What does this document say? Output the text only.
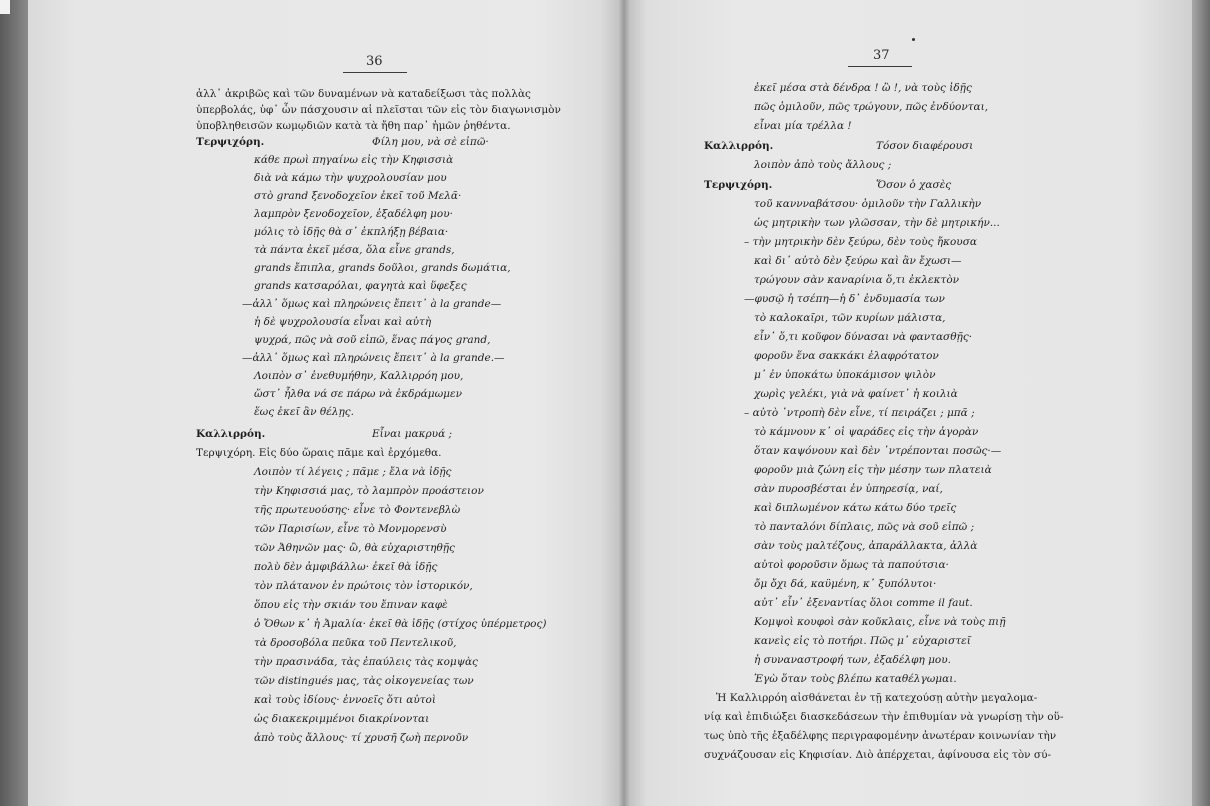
36	37
ἀλλ᾽ ἀκριβῶς καὶ τῶν δυναμένων νὰ καταδείξωσι τὰς πολλὰς
ὑπερβολάς, ὑφ᾽ ὧν πάσχουσιν αἱ πλεῖσται τῶν εἰς τὸν διαγωνισμὸν
ὑποβληθεισῶν κωμῳδιῶν κατὰ τὰ ἤθη παρ᾽ ἡμῶν ῥηθέντα.
Τερψιχόρη.	Φίλη μου, νὰ σὲ εἰπῶ·
κάθε πρωὶ πηγαίνω εἰς τὴν Κηφισσιὰ
διὰ νὰ κάμω τὴν ψυχρολουσίαν μου
στὸ grand ξενοδοχεῖον ἐκεῖ τοῦ Μελᾶ·
λαμπρὸν ξενοδοχεῖον, ἐξαδέλφη μου·
μόλις τὸ ἰδῇς θὰ σ᾽ ἐκπλήξῃ βέβαια·
τὰ πάντα ἐκεῖ μέσα, ὅλα εἶνε grands,
grands ἔπιπλα, grands δοῦλοι, grands δωμάτια,
grands κατσαρόλαι, φαγητὰ καὶ ὕφεξες
—ἀλλ᾽ ὅμως καὶ πληρώνεις ἔπειτ᾽ à la grande—
ἡ δὲ ψυχρολουσία εἶναι καὶ αὐτὴ
ψυχρά, πῶς νὰ σοῦ εἰπῶ, ἕνας πάγος grand,
—ἀλλ᾽ ὅμως καὶ πληρώνεις ἔπειτ᾽ à la grande.—
Λοιπὸν σ᾽ ἐνεθυμήθην, Καλλιρρόη μου,
ὥστ᾽ ἦλθα νά σε πάρω νὰ ἐκδράμωμεν
ἕως ἐκεῖ ἂν θέλῃς.
Καλλιρρόη.	Εἶναι μακρυά ;
Τερψιχόρη. Εἰς δύο ὥραις πᾶμε καὶ ἐρχόμεθα.
Λοιπὸν τί λέγεις ; πᾶμε ; ἔλα νὰ ἰδῇς
τὴν Κηφισσιά μας, τὸ λαμπρὸν προάστειον
τῆς πρωτευούσης· εἶνε τὸ Φοντενεβλὼ
τῶν Παρισίων, εἶνε τὸ Μονμορενσὺ
τῶν Ἀθηνῶν μας· ὢ, θὰ εὐχαριστηθῇς
πολὺ δὲν ἀμφιβάλλω· ἐκεῖ θὰ ἰδῇς
τὸν πλάτανον ἐν πρώτοις τὸν ἱστορικόν,
ὅπου εἰς τὴν σκιάν του ἔπιναν καφὲ
ὁ Ὄθων κ᾽ ἡ Ἀμαλία· ἐκεῖ θὰ ἰδῇς (στίχος ὑπέρμετρος)
τὰ δροσοβόλα πεῦκα τοῦ Πεντελικοῦ,
τὴν πρασινάδα, τὰς ἐπαύλεις τὰς κομψὰς
τῶν distingués μας, τὰς οἰκογενείας των
καὶ τοὺς ἰδίους· ἐννοεῖς ὅτι αὐτοὶ
ὡς διακεκριμμένοι διακρίνονται
ἀπὸ τοὺς ἄλλους· τί χρυσῆ ζωὴ περνοῦν
ἐκεῖ μέσα στὰ δένδρα ! ὢ !, νὰ τοὺς ἰδῇς
πῶς ὁμιλοῦν, πῶς τρώγουν, πῶς ἐνδύονται,
εἶναι μία τρέλλα !
Καλλιρρόη.	Τόσον διαφέρουσι
λοιπὸν ἀπὸ τοὺς ἄλλους ;
Τερψιχόρη.	Ὅσον ὁ χασὲς
τοῦ καννναβάτσου· ὁμιλοῦν τὴν Γαλλικὴν
ὡς μητρικὴν των γλῶσσαν, τὴν δὲ μητρικήν...
– τὴν μητρικὴν δὲν ξεύρω, δὲν τοὺς ἤκουσα
καὶ δι᾽ αὐτὸ δὲν ξεύρω καὶ ἂν ἔχωσι—
τρώγουν σὰν καναρίνια ὅ,τι ἐκλεκτὸν
—φυσῷ ἡ τσέπη—ἡ δ᾽ ἐνδυμασία των
τὸ καλοκαῖρι, τῶν κυρίων μάλιστα,
εἶν᾽ ὅ,τι κοῦφον δύνασαι νὰ φαντασθῇς·
φοροῦν ἕνα σακκάκι ἐλαφρότατον
μ᾽ ἐν ὑποκάτω ὑποκάμισον ψιλὸν
χωρὶς γελέκι, γιὰ νὰ φαίνετ᾽ ἡ κοιλιὰ
– αὐτὸ ᾽ντροπὴ δὲν εἶνε, τί πειράζει ; μπᾶ ;
τὸ κάμνουν κ᾽ οἱ ψαράδες εἰς τὴν ἀγορὰν
ὅταν καψόνουν καὶ δὲν ᾽ντρέπονται ποσῶς·—
φοροῦν μιὰ ζώνη εἰς τὴν μέσην των πλατειὰ
σὰν πυροσβέσται ἐν ὑπηρεσίᾳ, ναί,
καὶ διπλωμένον κάτω κάτω δύο τρεῖς
τὸ πανταλόνι δίπλαις, πῶς νὰ σοῦ εἰπῶ ;
σὰν τοὺς μαλτέζους, ἀπαράλλακτα, ἀλλὰ
αὐτοὶ φοροῦσιν ὅμως τὰ παπούτσια·
ὄμ ὄχι δά, καϋμένη, κ᾽ ξυπόλυτοι·
αὐτ᾽ εἶν᾽ ἐξεναντίας ὅλοι comme il faut.
Κομψοὶ κουφοὶ σὰν κοῦκλαις, εἶνε νὰ τοὺς πιῇ
κανεὶς εἰς τὸ ποτήρι. Πῶς μ᾽ εὐχαριστεῖ
ἡ συναναστροφή των, ἐξαδέλφη μου.
Ἐγὼ ὅταν τοὺς βλέπω καταθέλγωμαι.
Ἡ Καλλιρρόη αἰσθάνεται ἐν τῇ κατεχούσῃ αὐτὴν μεγαλομα-
νίᾳ καὶ ἐπιδιώξει διασκεδάσεων τὴν ἐπιθυμίαν νὰ γνωρίσῃ τὴν οὕ-
τως ὑπὸ τῆς ἐξαδέλφης περιγραφομένην ἀνωτέραν κοινωνίαν τὴν
συχνάζουσαν εἰς Κηφισίαν. Διὸ ἀπέρχεται, ἀφίνουσα εἰς τὸν σύ-
